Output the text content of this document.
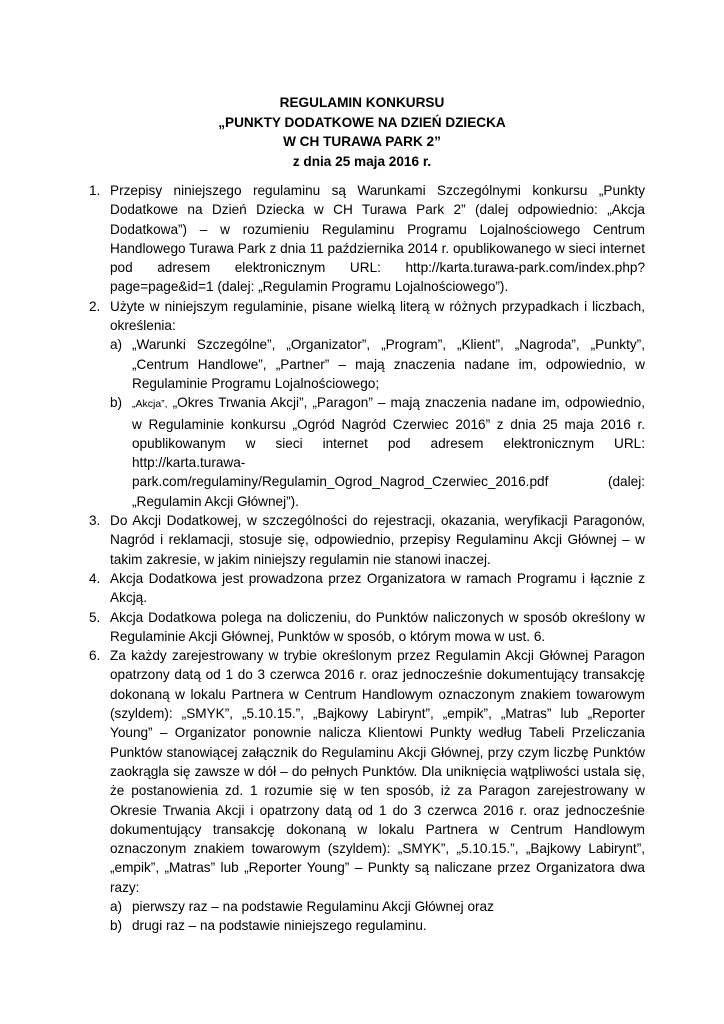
REGULAMIN KONKURSU
„PUNKTY DODATKOWE NA DZIEŃ DZIECKA
W CH TURAWA PARK 2”
z dnia 25 maja 2016 r.
1. Przepisy niniejszego regulaminu są Warunkami Szczególnymi konkursu „Punkty Dodatkowe na Dzień Dziecka w CH Turawa Park 2” (dalej odpowiednio: „Akcja Dodatkowa”) – w rozumieniu Regulaminu Programu Lojalnościowego Centrum Handlowego Turawa Park z dnia 11 października 2014 r. opublikowanego w sieci internet pod adresem elektronicznym URL: http://karta.turawa-park.com/index.php?page=page&id=1 (dalej: „Regulamin Programu Lojalnościowego”).
2. Użyte w niniejszym regulaminie, pisane wielką literą w różnych przypadkach i liczbach, określenia:
a) „Warunki Szczególne”, „Organizator”, „Program”, „Klient”, „Nagroda”, „Punkty”, „Centrum Handlowe”, „Partner” – mają znaczenia nadane im, odpowiednio, w Regulaminie Programu Lojalnościowego;
b) „Akcja”, „Okres Trwania Akcji”, „Paragon” – mają znaczenia nadane im, odpowiednio, w Regulaminie konkursu „Ogród Nagród Czerwiec 2016” z dnia 25 maja 2016 r. opublikowanym w sieci internet pod adresem elektronicznym URL: http://karta.turawa-park.com/regulaminy/Regulamin_Ogrod_Nagrod_Czerwiec_2016.pdf (dalej: „Regulamin Akcji Głównej”).
3. Do Akcji Dodatkowej, w szczególności do rejestracji, okazania, weryfikacji Paragonów, Nagród i reklamacji, stosuje się, odpowiednio, przepisy Regulaminu Akcji Głównej – w takim zakresie, w jakim niniejszy regulamin nie stanowi inaczej.
4. Akcja Dodatkowa jest prowadzona przez Organizatora w ramach Programu i łącznie z Akcją.
5. Akcja Dodatkowa polega na doliczeniu, do Punktów naliczonych w sposób określony w Regulaminie Akcji Głównej, Punktów w sposób, o którym mowa w ust. 6.
6. Za każdy zarejestrowany w trybie określonym przez Regulamin Akcji Głównej Paragon opatrzony datą od 1 do 3 czerwca 2016 r. oraz jednocześnie dokumentujący transakcję dokonaną w lokalu Partnera w Centrum Handlowym oznaczonym znakiem towarowym (szyldem): „SMYK”, „5.10.15.”, „Bajkowy Labirynt”, „empik”, „Matras” lub „Reporter Young” – Organizator ponownie nalicza Klientowi Punkty według Tabeli Przeliczania Punktów stanowiącej załącznik do Regulaminu Akcji Głównej, przy czym liczbę Punktów zaokrągla się zawsze w dół – do pełnych Punktów. Dla uniknięcia wątpliwości ustala się, że postanowienia zd. 1 rozumie się w ten sposób, iż za Paragon zarejestrowany w Okresie Trwania Akcji i opatrzony datą od 1 do 3 czerwca 2016 r. oraz jednocześnie dokumentujący transakcję dokonaną w lokalu Partnera w Centrum Handlowym oznaczonym znakiem towarowym (szyldem): „SMYK”, „5.10.15.”, „Bajkowy Labirynt”, „empik”, „Matras” lub „Reporter Young” – Punkty są naliczane przez Organizatora dwa razy:
a) pierwszy raz – na podstawie Regulaminu Akcji Głównej oraz
b) drugi raz – na podstawie niniejszego regulaminu.
